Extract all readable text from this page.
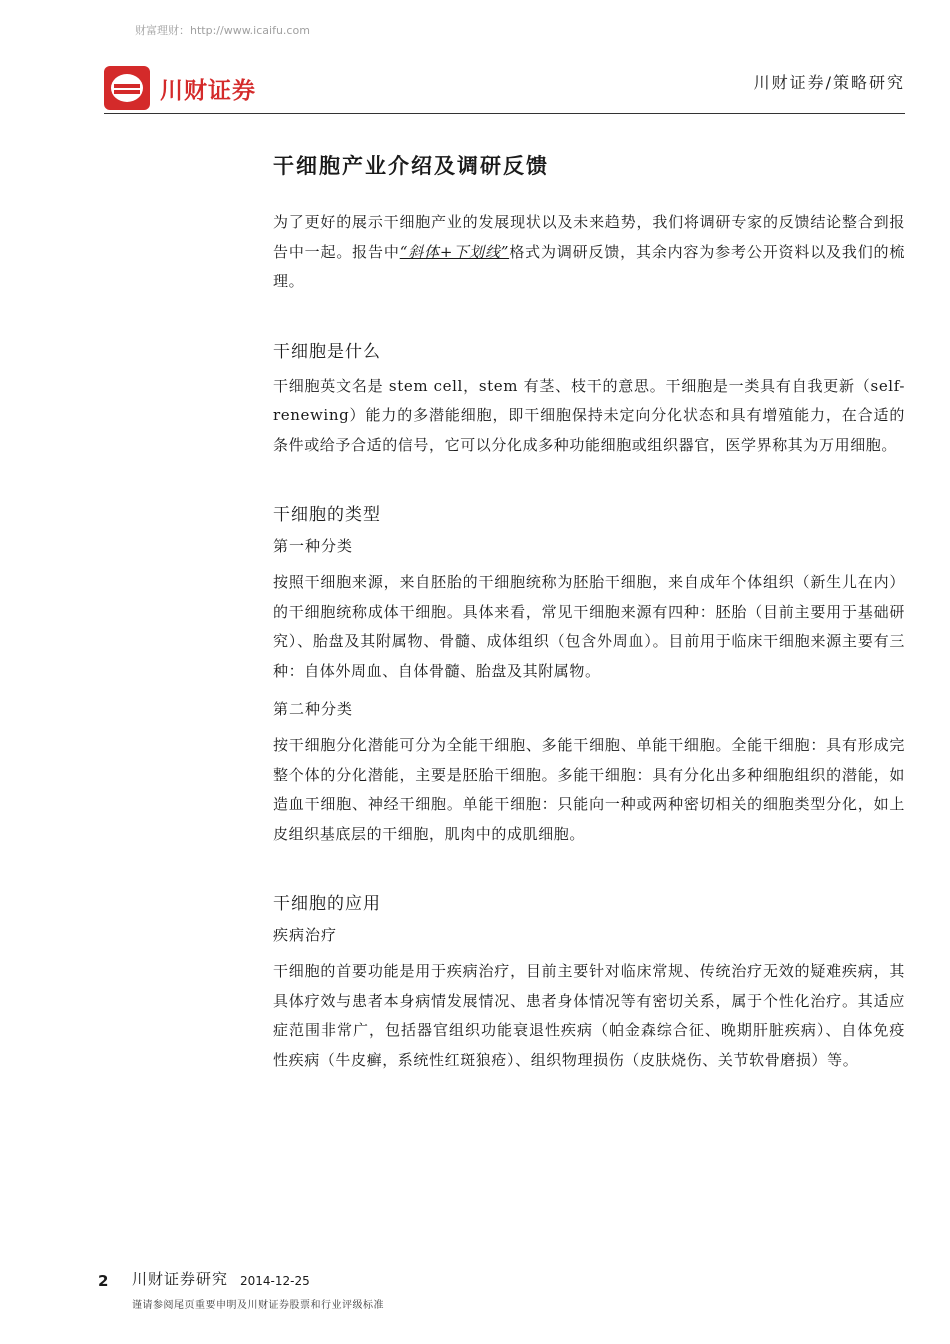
财富理财：http://www.icaifu.com
川财证券	川财证券/策略研究
干细胞产业介绍及调研反馈

为了更好的展示干细胞产业的发展现状以及未来趋势，我们将调研专家的反馈结论整合到报告中一起。报告中“斜体+下划线”格式为调研反馈，其余内容为参考公开资料以及我们的梳理。

干细胞是什么

干细胞英文名是 stem cell，stem 有茎、枝干的意思。干细胞是一类具有自我更新（self-renewing）能力的多潜能细胞，即干细胞保持未定向分化状态和具有增殖能力，在合适的条件或给予合适的信号，它可以分化成多种功能细胞或组织器官，医学界称其为万用细胞。

干细胞的类型
第一种分类

按照干细胞来源，来自胚胎的干细胞统称为胚胎干细胞，来自成年个体组织（新生儿在内）的干细胞统称成体干细胞。具体来看，常见干细胞来源有四种：胚胎（目前主要用于基础研究）、胎盘及其附属物、骨髓、成体组织（包含外周血）。目前用于临床干细胞来源主要有三种：自体外周血、自体骨髓、胎盘及其附属物。

第二种分类

按干细胞分化潜能可分为全能干细胞、多能干细胞、单能干细胞。全能干细胞：具有形成完整个体的分化潜能，主要是胚胎干细胞。多能干细胞：具有分化出多种细胞组织的潜能，如造血干细胞、神经干细胞。单能干细胞：只能向一种或两种密切相关的细胞类型分化，如上皮组织基底层的干细胞，肌肉中的成肌细胞。

干细胞的应用
疾病治疗

干细胞的首要功能是用于疾病治疗，目前主要针对临床常规、传统治疗无效的疑难疾病，其具体疗效与患者本身病情发展情况、患者身体情况等有密切关系，属于个性化治疗。其适应症范围非常广，包括器官组织功能衰退性疾病（帕金森综合征、晚期肝脏疾病）、自体免疫性疾病（牛皮癣，系统性红斑狼疮）、组织物理损伤（皮肤烧伤、关节软骨磨损）等。

2 川财证券研究 2014-12-25
谨请参阅尾页重要申明及川财证券股票和行业评级标准
